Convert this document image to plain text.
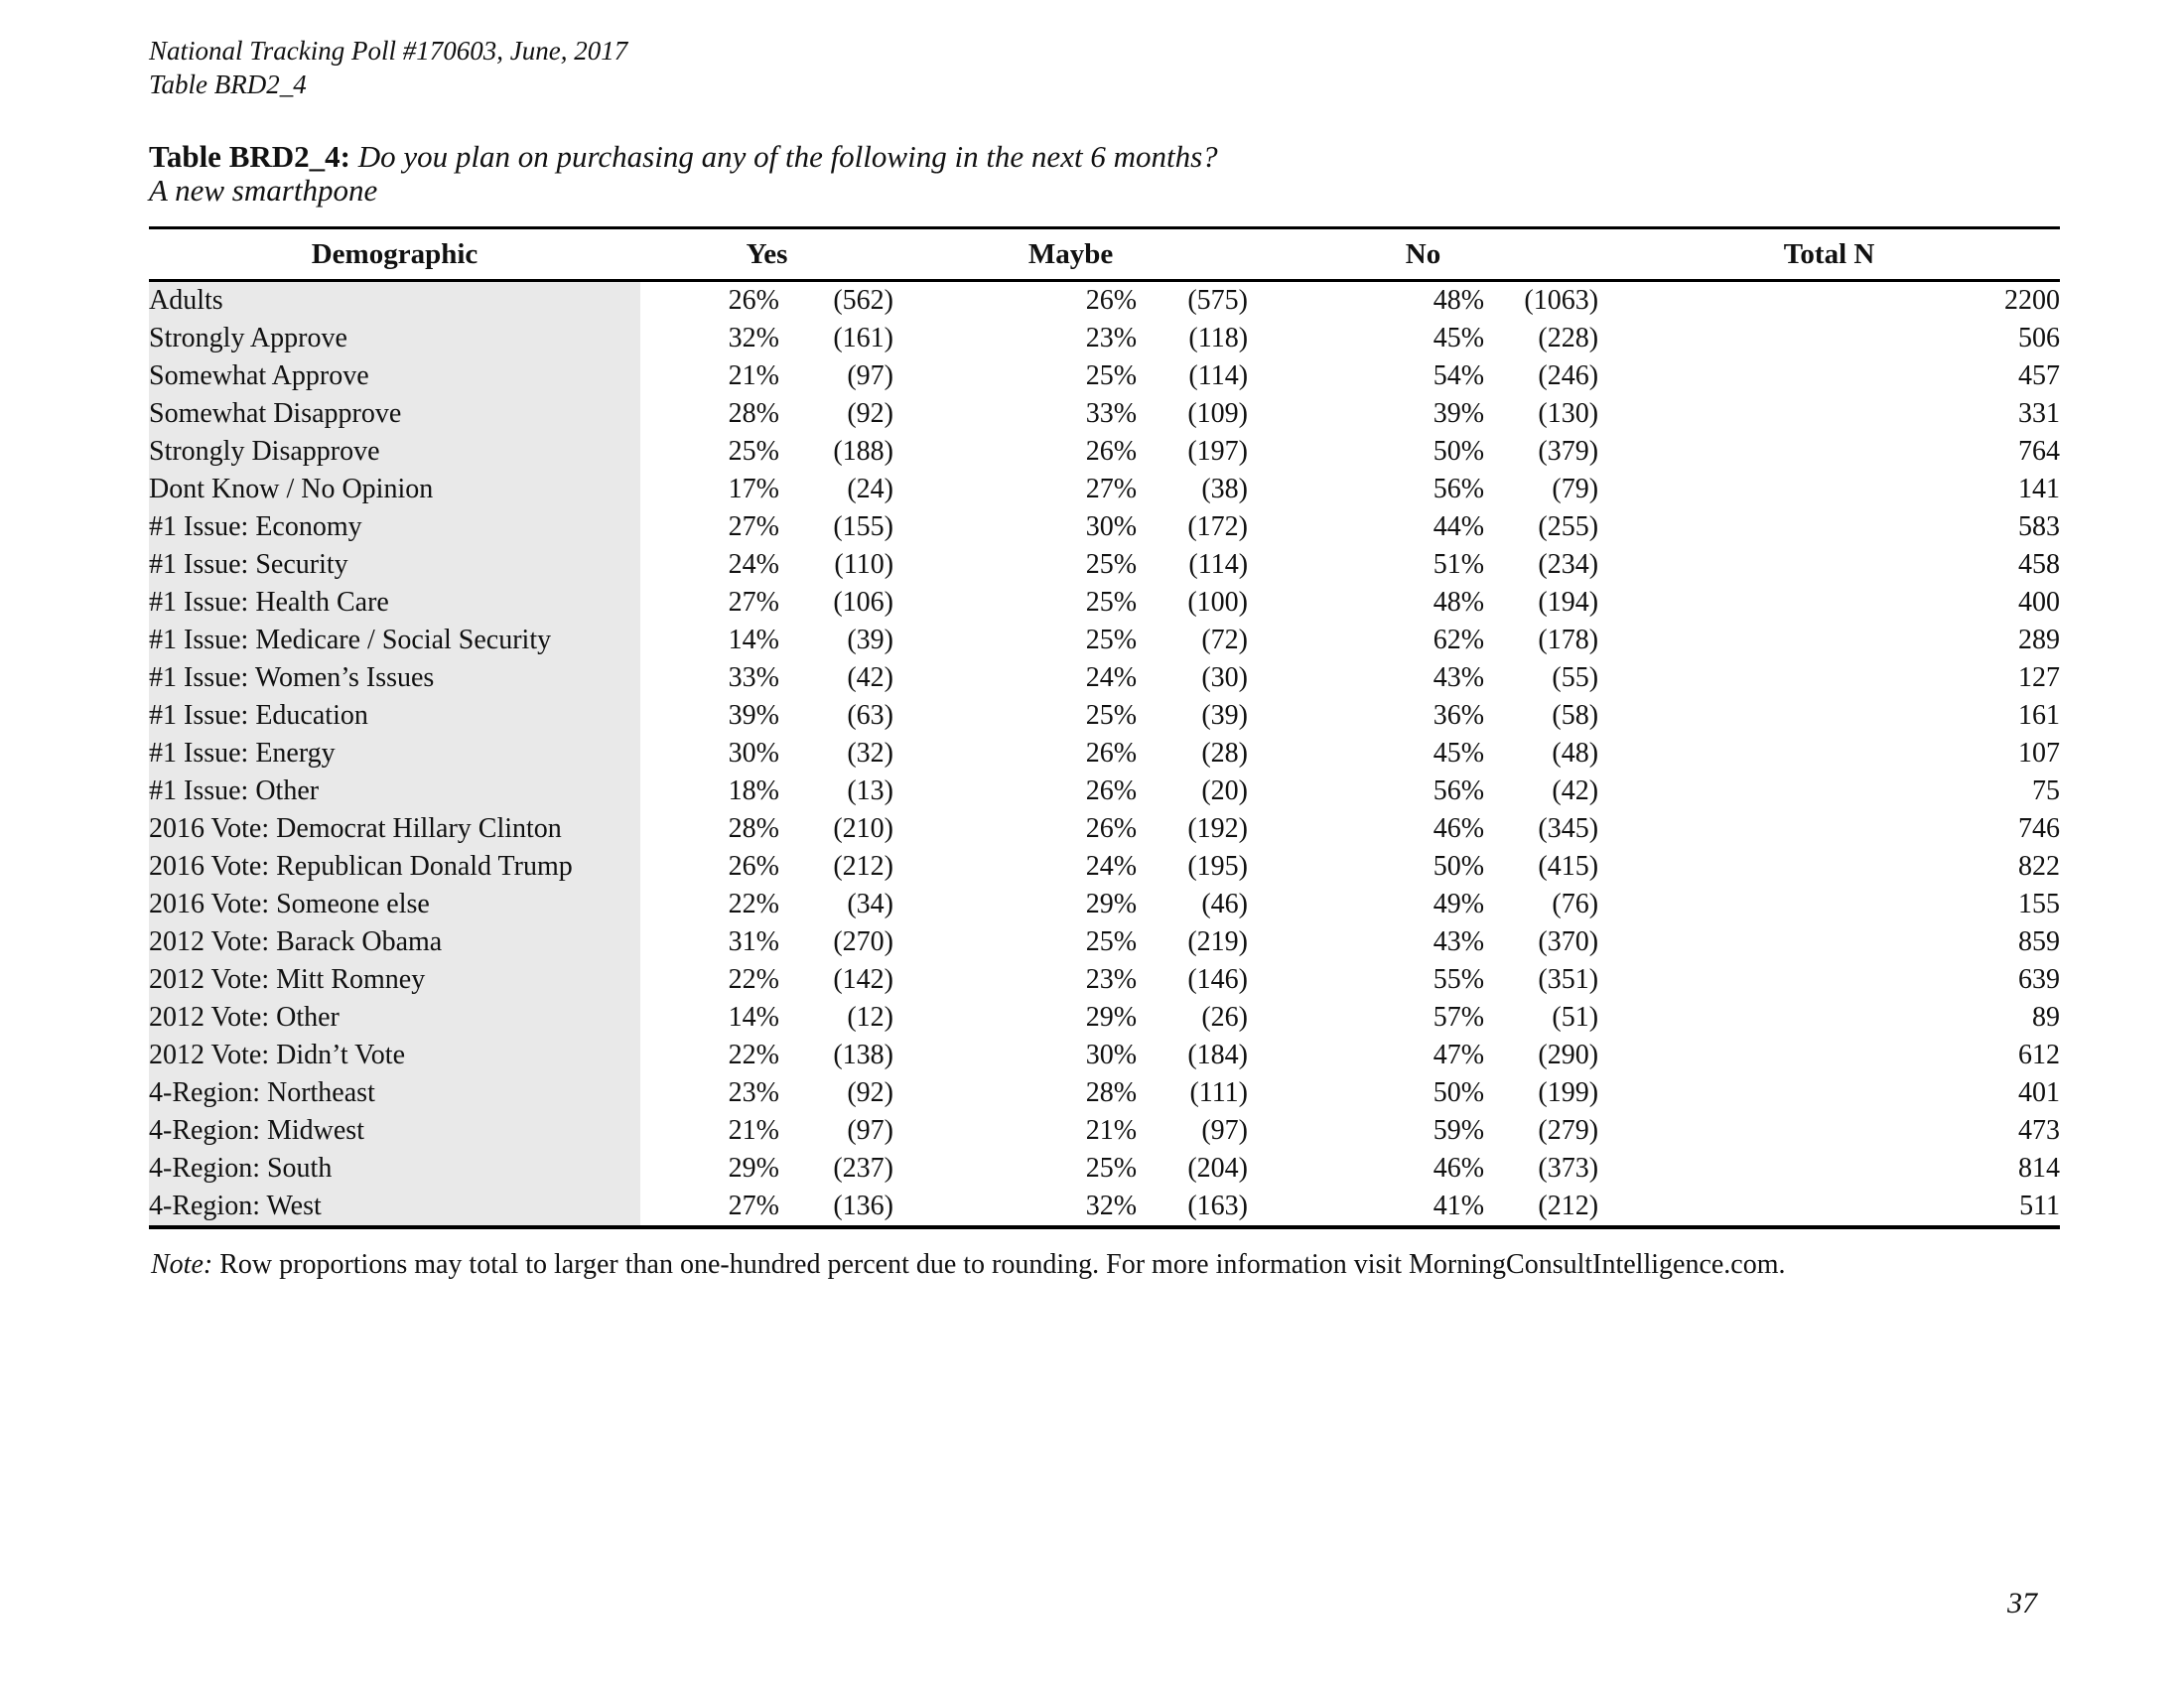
National Tracking Poll #170603, June, 2017
Table BRD2_4
Table BRD2_4: Do you plan on purchasing any of the following in the next 6 months?
A new smarthpone
Demographic	Yes		Maybe		No		Total N
Adults	26%	(562)	26%	(575)	48%	(1063)	2200
Strongly Approve	32%	(161)	23%	(118)	45%	(228)	506
Somewhat Approve	21%	(97)	25%	(114)	54%	(246)	457
Somewhat Disapprove	28%	(92)	33%	(109)	39%	(130)	331
Strongly Disapprove	25%	(188)	26%	(197)	50%	(379)	764
Dont Know / No Opinion	17%	(24)	27%	(38)	56%	(79)	141
#1 Issue: Economy	27%	(155)	30%	(172)	44%	(255)	583
#1 Issue: Security	24%	(110)	25%	(114)	51%	(234)	458
#1 Issue: Health Care	27%	(106)	25%	(100)	48%	(194)	400
#1 Issue: Medicare / Social Security	14%	(39)	25%	(72)	62%	(178)	289
#1 Issue: Women’s Issues	33%	(42)	24%	(30)	43%	(55)	127
#1 Issue: Education	39%	(63)	25%	(39)	36%	(58)	161
#1 Issue: Energy	30%	(32)	26%	(28)	45%	(48)	107
#1 Issue: Other	18%	(13)	26%	(20)	56%	(42)	75
2016 Vote: Democrat Hillary Clinton	28%	(210)	26%	(192)	46%	(345)	746
2016 Vote: Republican Donald Trump	26%	(212)	24%	(195)	50%	(415)	822
2016 Vote: Someone else	22%	(34)	29%	(46)	49%	(76)	155
2012 Vote: Barack Obama	31%	(270)	25%	(219)	43%	(370)	859
2012 Vote: Mitt Romney	22%	(142)	23%	(146)	55%	(351)	639
2012 Vote: Other	14%	(12)	29%	(26)	57%	(51)	89
2012 Vote: Didn’t Vote	22%	(138)	30%	(184)	47%	(290)	612
4-Region: Northeast	23%	(92)	28%	(111)	50%	(199)	401
4-Region: Midwest	21%	(97)	21%	(97)	59%	(279)	473
4-Region: South	29%	(237)	25%	(204)	46%	(373)	814
4-Region: West	27%	(136)	32%	(163)	41%	(212)	511
Note: Row proportions may total to larger than one-hundred percent due to rounding. For more information visit MorningConsultIntelligence.com.
37
